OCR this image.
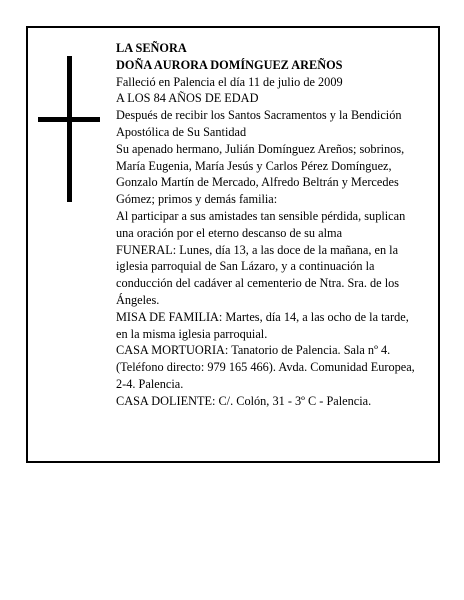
LA SEÑORA

DOÑA AURORA DOMÍNGUEZ AREÑOS

Falleció en Palencia el día 11 de julio de 2009

A LOS 84 AÑOS DE EDAD

Después de recibir los Santos Sacramentos y la Bendición Apostólica de Su Santidad

Su apenado hermano, Julián Domínguez Areños; sobrinos, María Eugenia, María Jesús y Carlos Pérez Domínguez, Gonzalo Martín de Mercado, Alfredo Beltrán y Mercedes Gómez; primos y demás familia:

Al participar a sus amistades tan sensible pérdida, suplican una oración por el eterno descanso de su alma

FUNERAL: Lunes, día 13, a las doce de la mañana, en la iglesia parroquial de San Lázaro, y a continuación la conducción del cadáver al cementerio de Ntra. Sra. de los Ángeles.

MISA DE FAMILIA: Martes, día 14, a las ocho de la tarde, en la misma iglesia parroquial.

CASA MORTUORIA: Tanatorio de Palencia. Sala nº 4. (Teléfono directo: 979 165 466). Avda. Comunidad Europea, 2-4. Palencia.

CASA DOLIENTE: C/. Colón, 31 - 3º C - Palencia.
